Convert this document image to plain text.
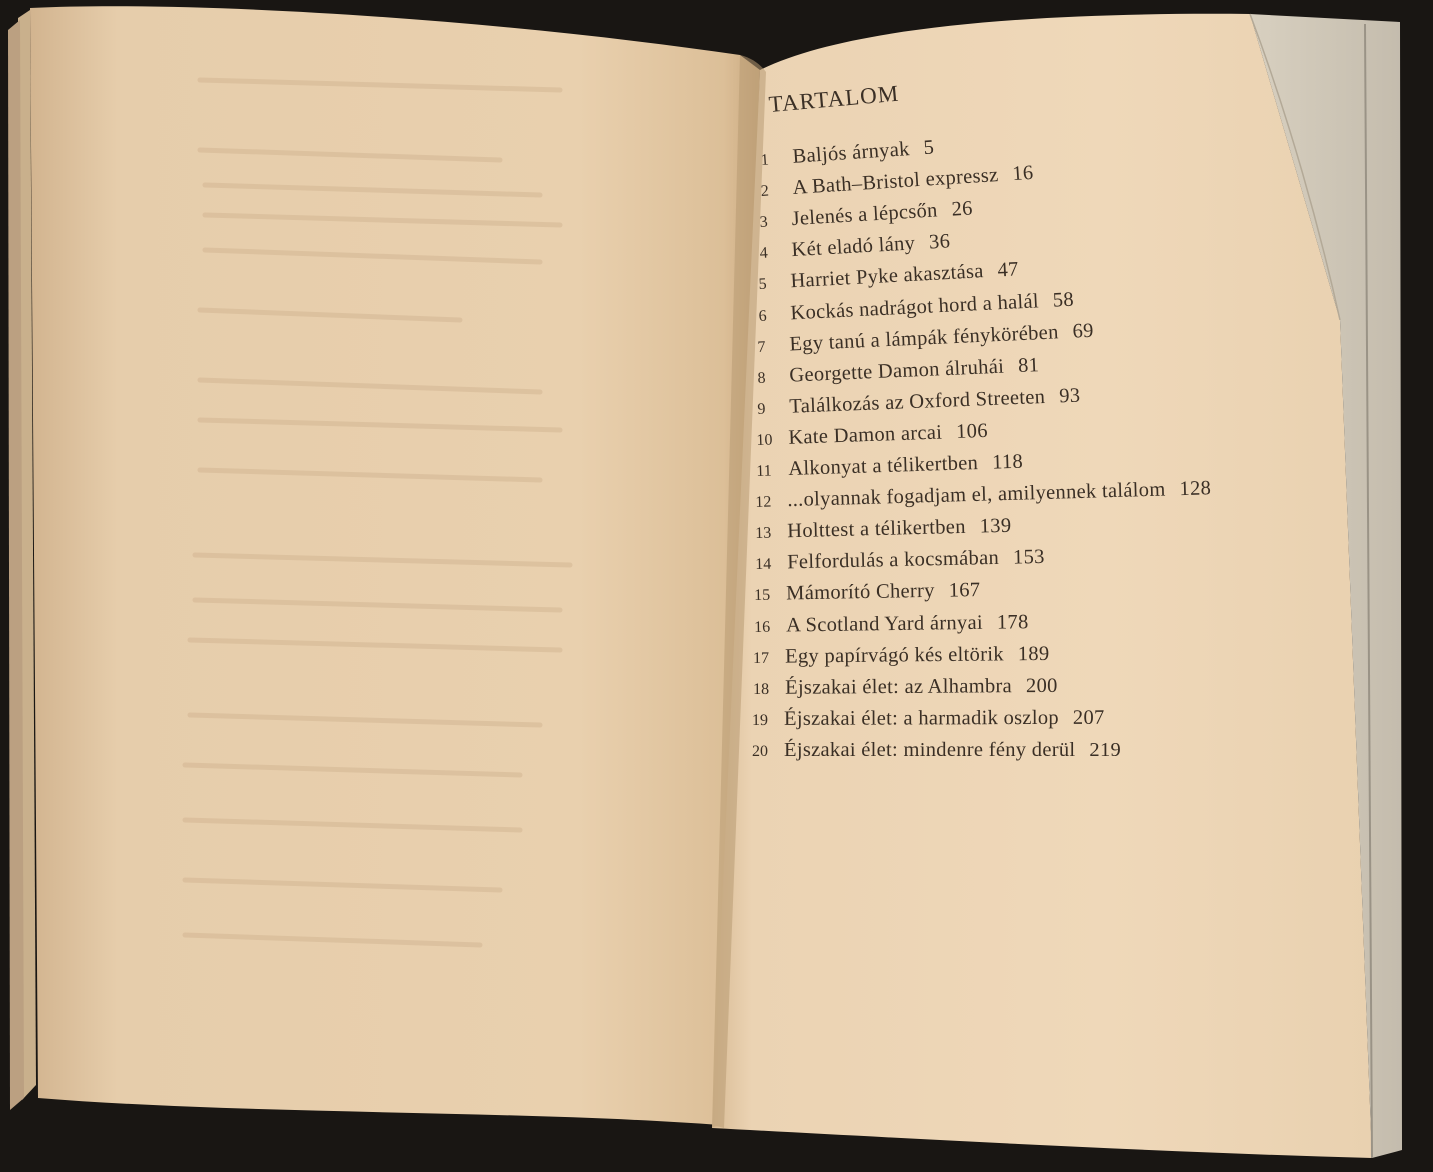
TARTALOM
1 Baljós árnyak 5
2 A Bath–Bristol expressz 16
3 Jelenés a lépcsőn 26
4 Két eladó lány 36
5 Harriet Pyke akasztása 47
6 Kockás nadrágot hord a halál 58
7 Egy tanú a lámpák fénykörében 69
8 Georgette Damon álruhái 81
9 Találkozás az Oxford Streeten 93
10 Kate Damon arcai 106
11 Alkonyat a télikertben 118
12 ...olyannak fogadjam el, amilyennek találom 128
13 Holttest a télikertben 139
14 Felfordulás a kocsmában 153
15 Mámorító Cherry 167
16 A Scotland Yard árnyai 178
17 Egy papírvágó kés eltörik 189
18 Éjszakai élet: az Alhambra 200
19 Éjszakai élet: a harmadik oszlop 207
20 Éjszakai élet: mindenre fény derül 219
